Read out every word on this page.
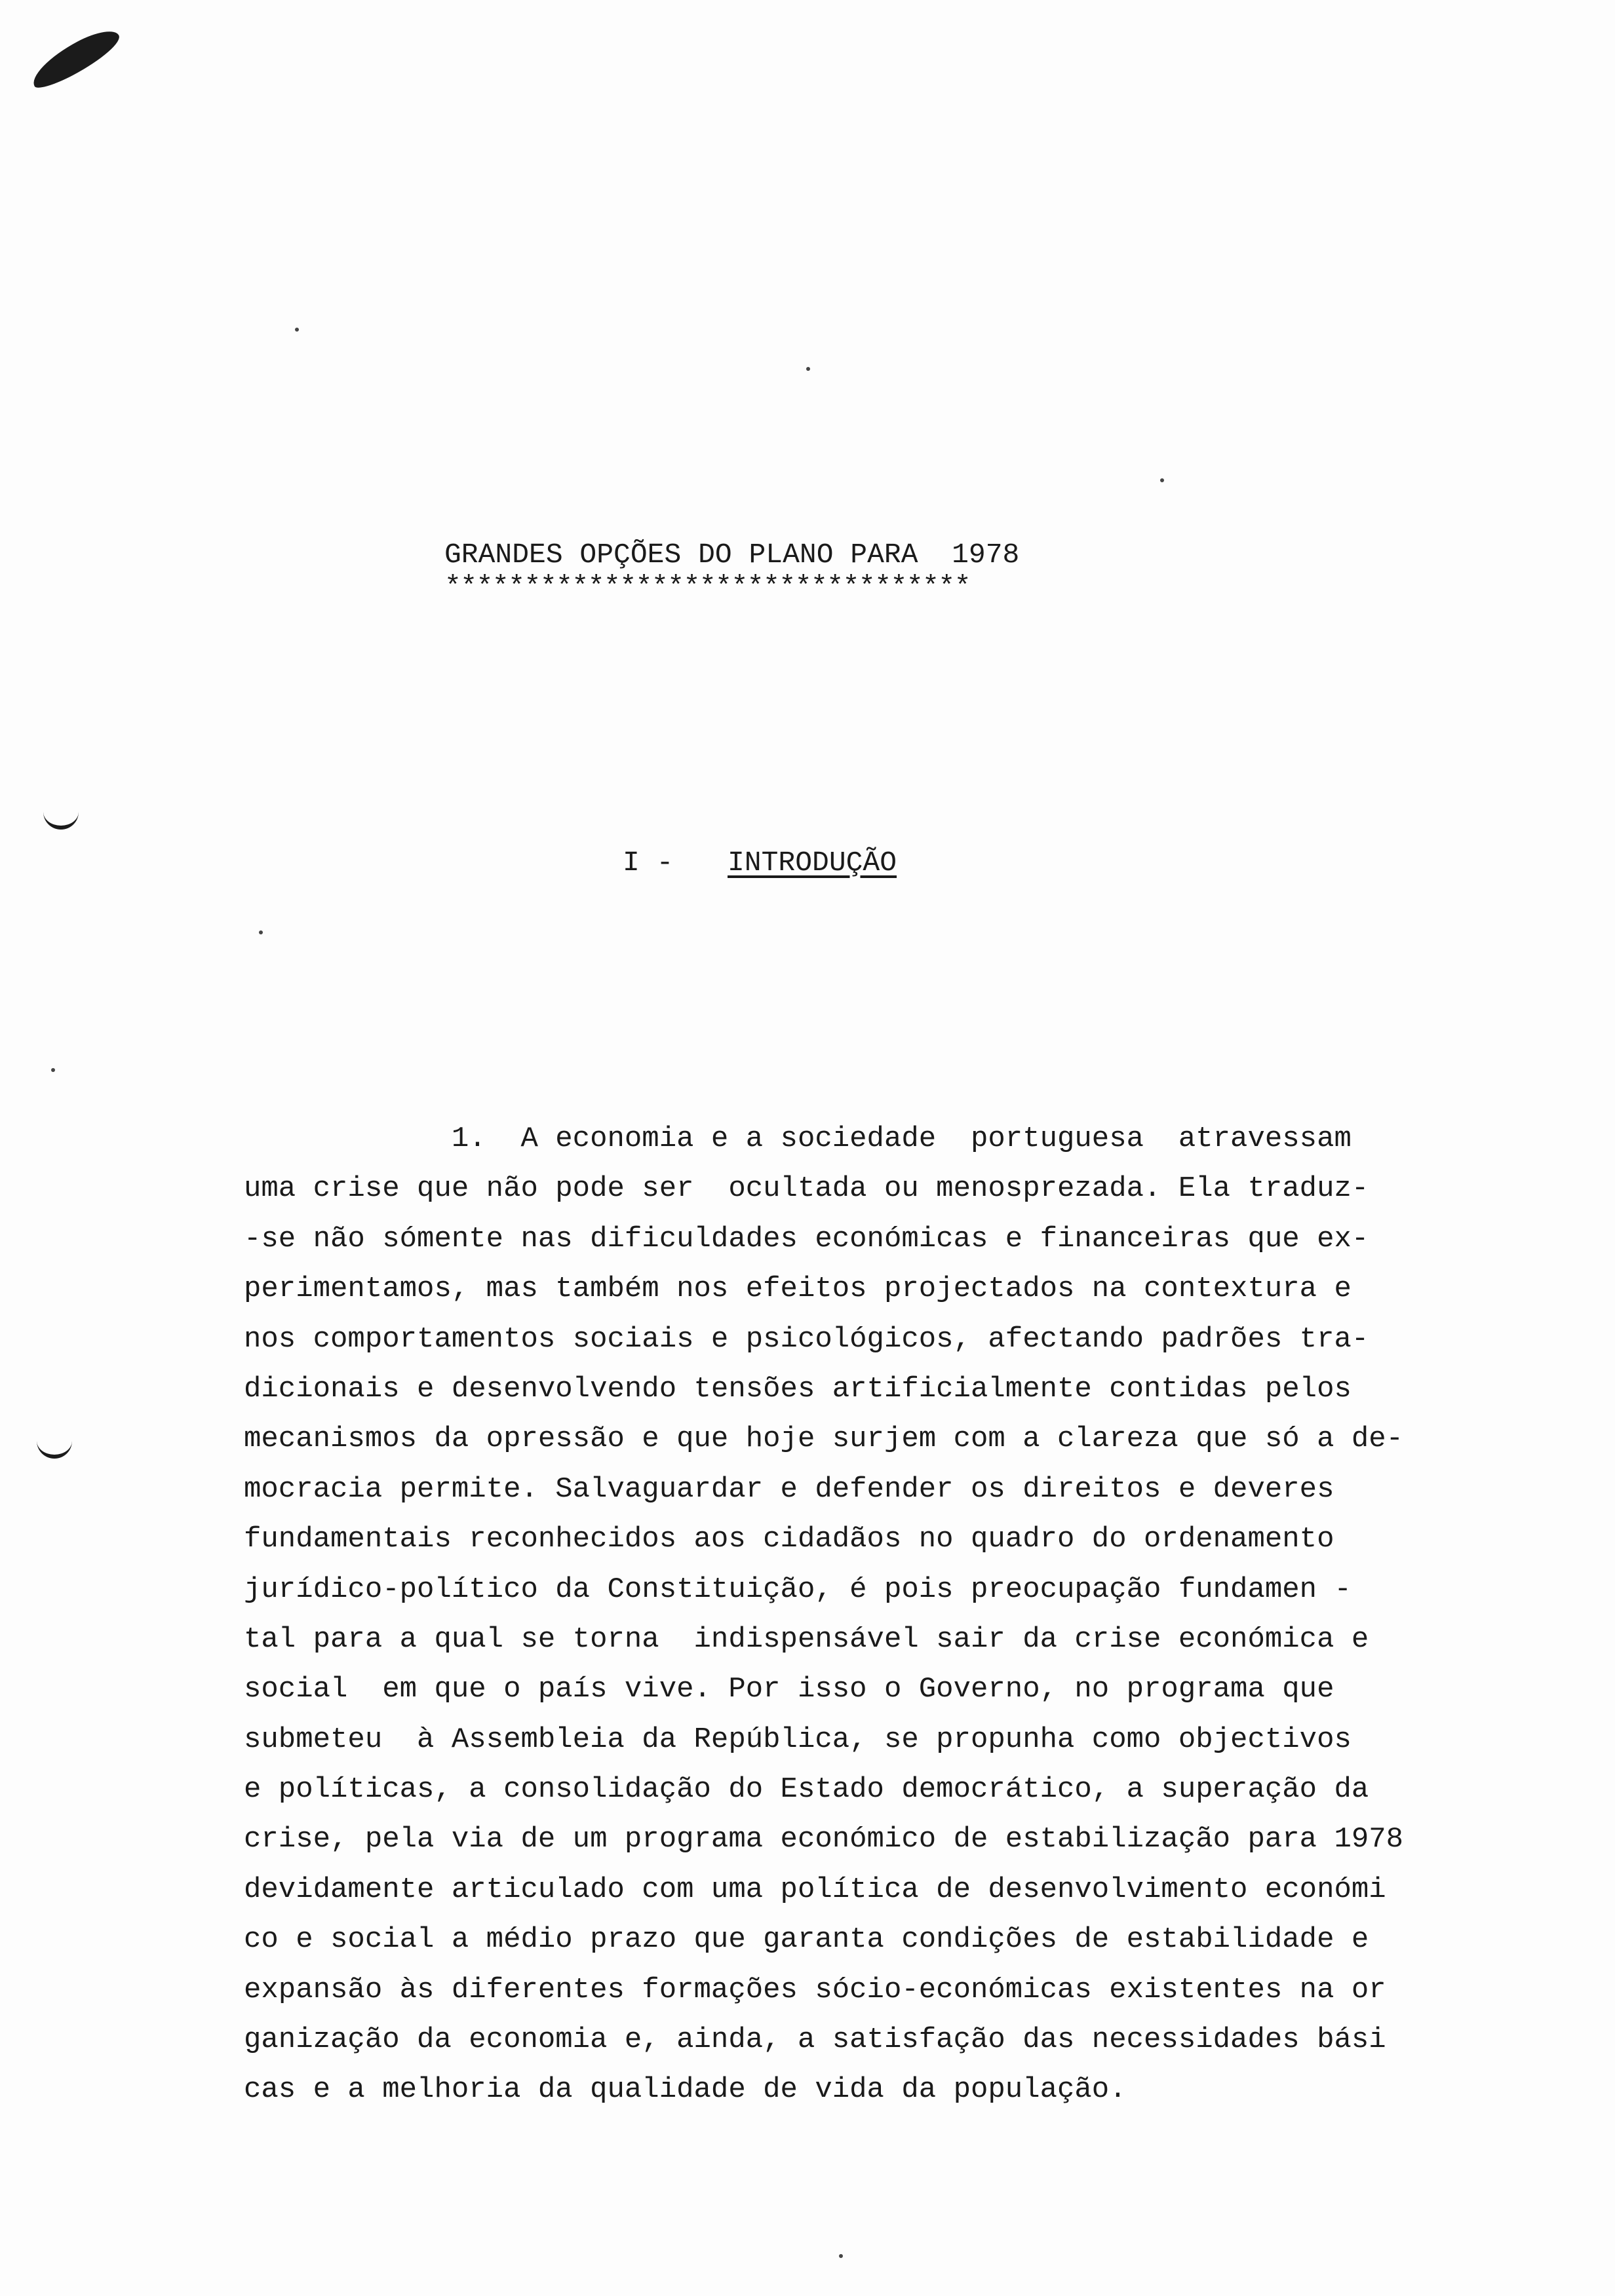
GRANDES OPÇÕES DO PLANO PARA  1978
*********************************
I - INTRODUÇÃO
1.  A economia e a sociedade  portuguesa  atravessam
uma crise que não pode ser  ocultada ou menosprezada. Ela traduz-
-se não sómente nas dificuldades económicas e financeiras que ex-
perimentamos, mas também nos efeitos projectados na contextura e
nos comportamentos sociais e psicológicos, afectando padrões tra-
dicionais e desenvolvendo tensões artificialmente contidas pelos
mecanismos da opressão e que hoje surjem com a clareza que só a de-
mocracia permite. Salvaguardar e defender os direitos e deveres
fundamentais reconhecidos aos cidadãos no quadro do ordenamento
jurídico-político da Constituição, é pois preocupação fundamen -
tal para a qual se torna  indispensável sair da crise económica e
social  em que o país vive. Por isso o Governo, no programa que
submeteu  à Assembleia da República, se propunha como objectivos
e políticas, a consolidação do Estado democrático, a superação da
crise, pela via de um programa económico de estabilização para 1978
devidamente articulado com uma política de desenvolvimento económi
co e social a médio prazo que garanta condições de estabilidade e
expansão às diferentes formações sócio-económicas existentes na or
ganização da economia e, ainda, a satisfação das necessidades bási
cas e a melhoria da qualidade de vida da população.
